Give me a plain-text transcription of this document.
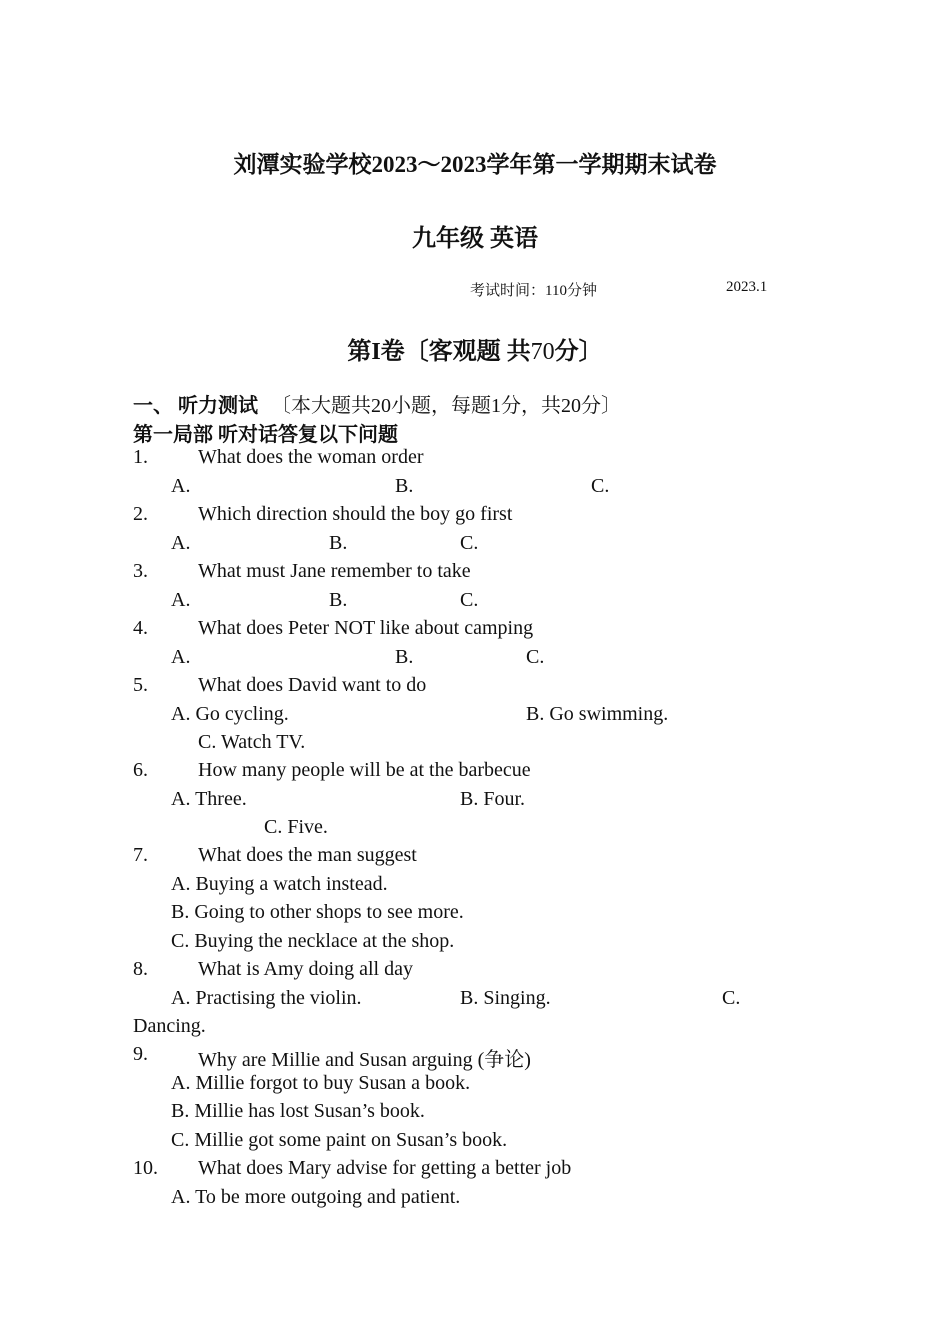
刘潭实验学校2023～2023学年第一学期期末试卷
九年级 英语
考试时间：110分钟	2023.1
第I卷〔客观题 共70分〕
一、 听力测试 〔本大题共20小题，每题1分，共20分〕
第一局部 听对话答复以下问题
1.	What does the woman order
A.	B.	C.
2.	Which direction should the boy go first
A.	B.	C.
3.	What must Jane remember to take
A.	B.	C.
4.	What does Peter NOT like about camping
A.	B.	C.
5.	What does David want to do
A. Go cycling.	B. Go swimming.
C. Watch TV.
6.	How many people will be at the barbecue
A. Three.	B. Four.
C. Five.
7.	What does the man suggest
A. Buying a watch instead.
B. Going to other shops to see more.
C. Buying the necklace at the shop.
8.	What is Amy doing all day
A. Practising the violin.	B. Singing.	C.
Dancing.
9.	Why are Millie and Susan arguing (争论)
A. Millie forgot to buy Susan a book.
B. Millie has lost Susan’s book.
C. Millie got some paint on Susan’s book.
10. What does Mary advise for getting a better job
A. To be more outgoing and patient.
